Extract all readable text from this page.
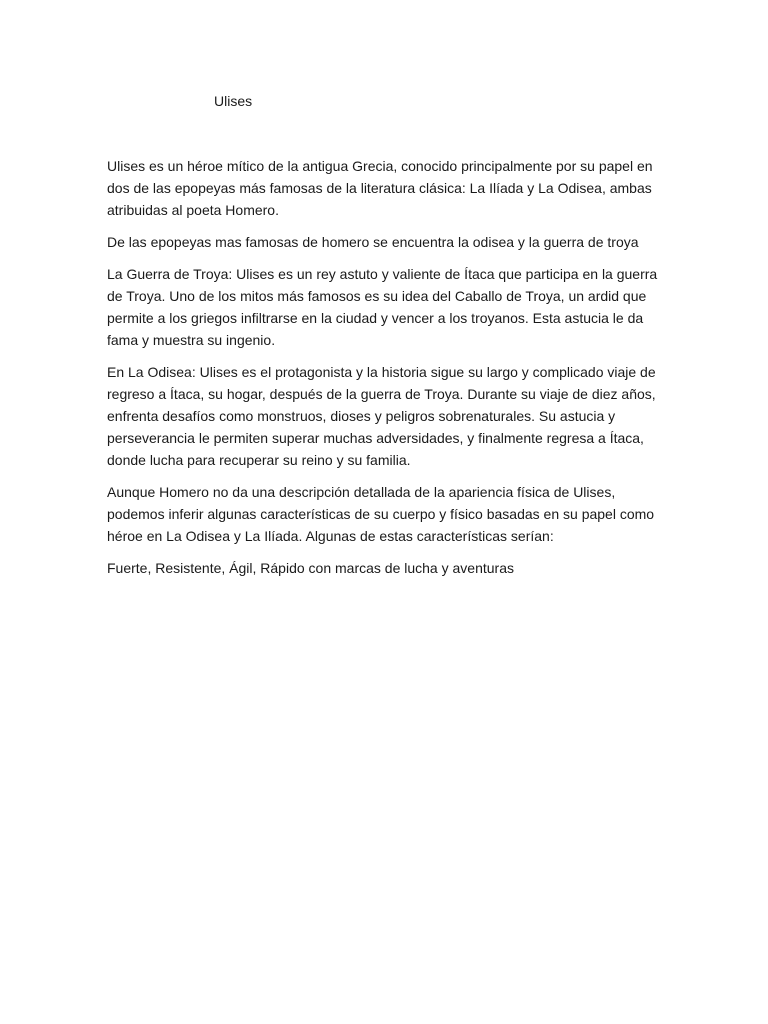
Ulises

Ulises es un héroe mítico de la antigua Grecia, conocido principalmente por su papel en dos de las epopeyas más famosas de la literatura clásica: La Ilíada y La Odisea, ambas atribuidas al poeta Homero.

De las epopeyas mas famosas de homero se encuentra la odisea y la guerra de troya

La Guerra de Troya: Ulises es un rey astuto y valiente de Ítaca que participa en la guerra de Troya. Uno de los mitos más famosos es su idea del Caballo de Troya, un ardid que permite a los griegos infiltrarse en la ciudad y vencer a los troyanos. Esta astucia le da fama y muestra su ingenio.

En La Odisea: Ulises es el protagonista y la historia sigue su largo y complicado viaje de regreso a Ítaca, su hogar, después de la guerra de Troya. Durante su viaje de diez años, enfrenta desafíos como monstruos, dioses y peligros sobrenaturales. Su astucia y perseverancia le permiten superar muchas adversidades, y finalmente regresa a Ítaca, donde lucha para recuperar su reino y su familia.

Aunque Homero no da una descripción detallada de la apariencia física de Ulises, podemos inferir algunas características de su cuerpo y físico basadas en su papel como héroe en La Odisea y La Ilíada. Algunas de estas características serían:

Fuerte, Resistente, Ágil, Rápido con marcas de lucha y aventuras
